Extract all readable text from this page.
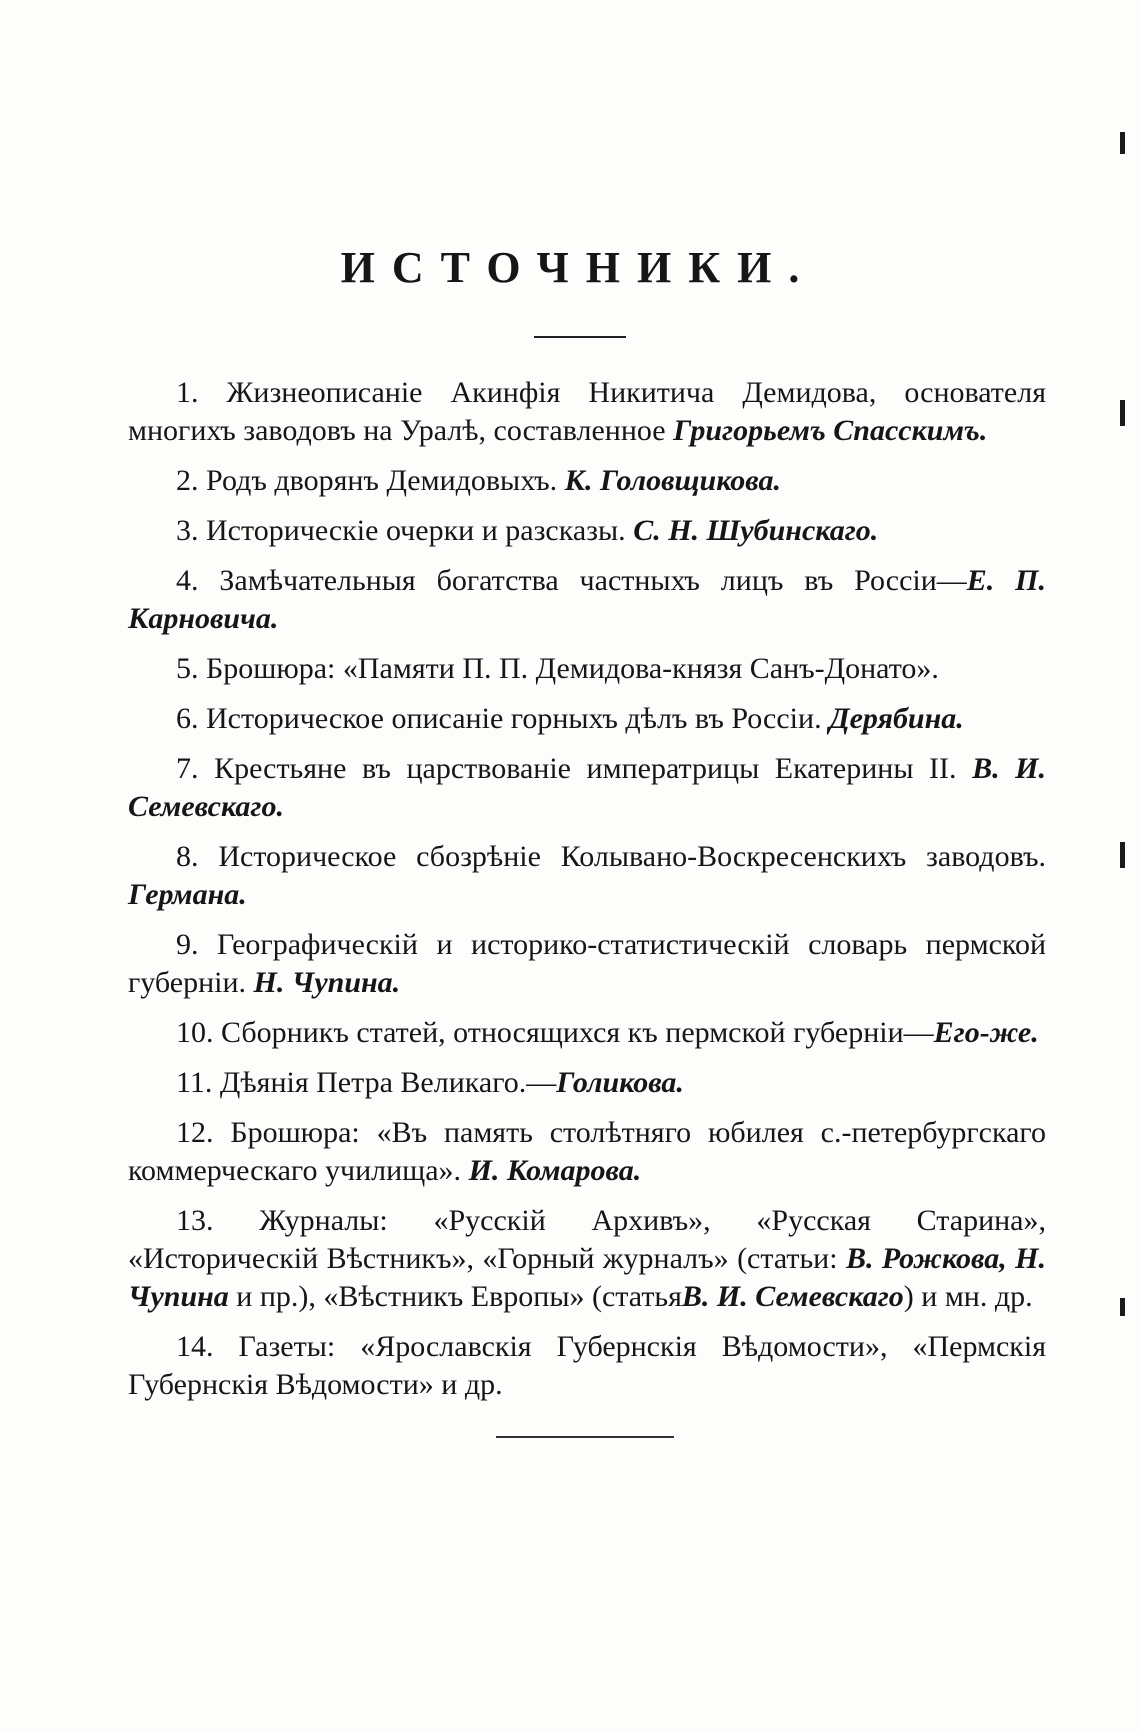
ИСТОЧНИКИ.

1. Жизнеописаніе Акинфія Никитича Демидова, основателя многихъ заводовъ на Уралѣ, составленное Григорьемъ Спасскимъ.

2. Родъ дворянъ Демидовыхъ. К. Головщикова.

3. Историческіе очерки и разсказы. С. Н. Шубинскаго.

4. Замѣчательныя богатства частныхъ лицъ въ Россіи—Е. П. Карновича.

5. Брошюра: «Памяти П. П. Демидова-князя Санъ-Донато».

6. Историческое описаніе горныхъ дѣлъ въ Россіи. Дерябина.

7. Крестьяне въ царствованіе императрицы Екатерины II. В. И. Семевскаго.

8. Историческое сбозрѣніе Колывано-Воскресенскихъ заводовъ. Германа.

9. Географическій и историко-статистическій словарь пермской губерніи. Н. Чупина.

10. Сборникъ статей, относящихся къ пермской губерніи—Его-же.

11. Дѣянія Петра Великаго.—Голикова.

12. Брошюра: «Въ память столѣтняго юбилея с.-петербургскаго коммерческаго училища». И. Комарова.

13. Журналы: «Русскій Архивъ», «Русская Старина», «Историческій Вѣстникъ», «Горный журналъ» (статьи: В. Рожкова, Н. Чупина и пр.), «Вѣстникъ Европы» (статьяВ. И. Семевскаго) и мн. др.

14. Газеты: «Ярославскія Губернскія Вѣдомости», «Пермскія Губернскія Вѣдомости» и др.
